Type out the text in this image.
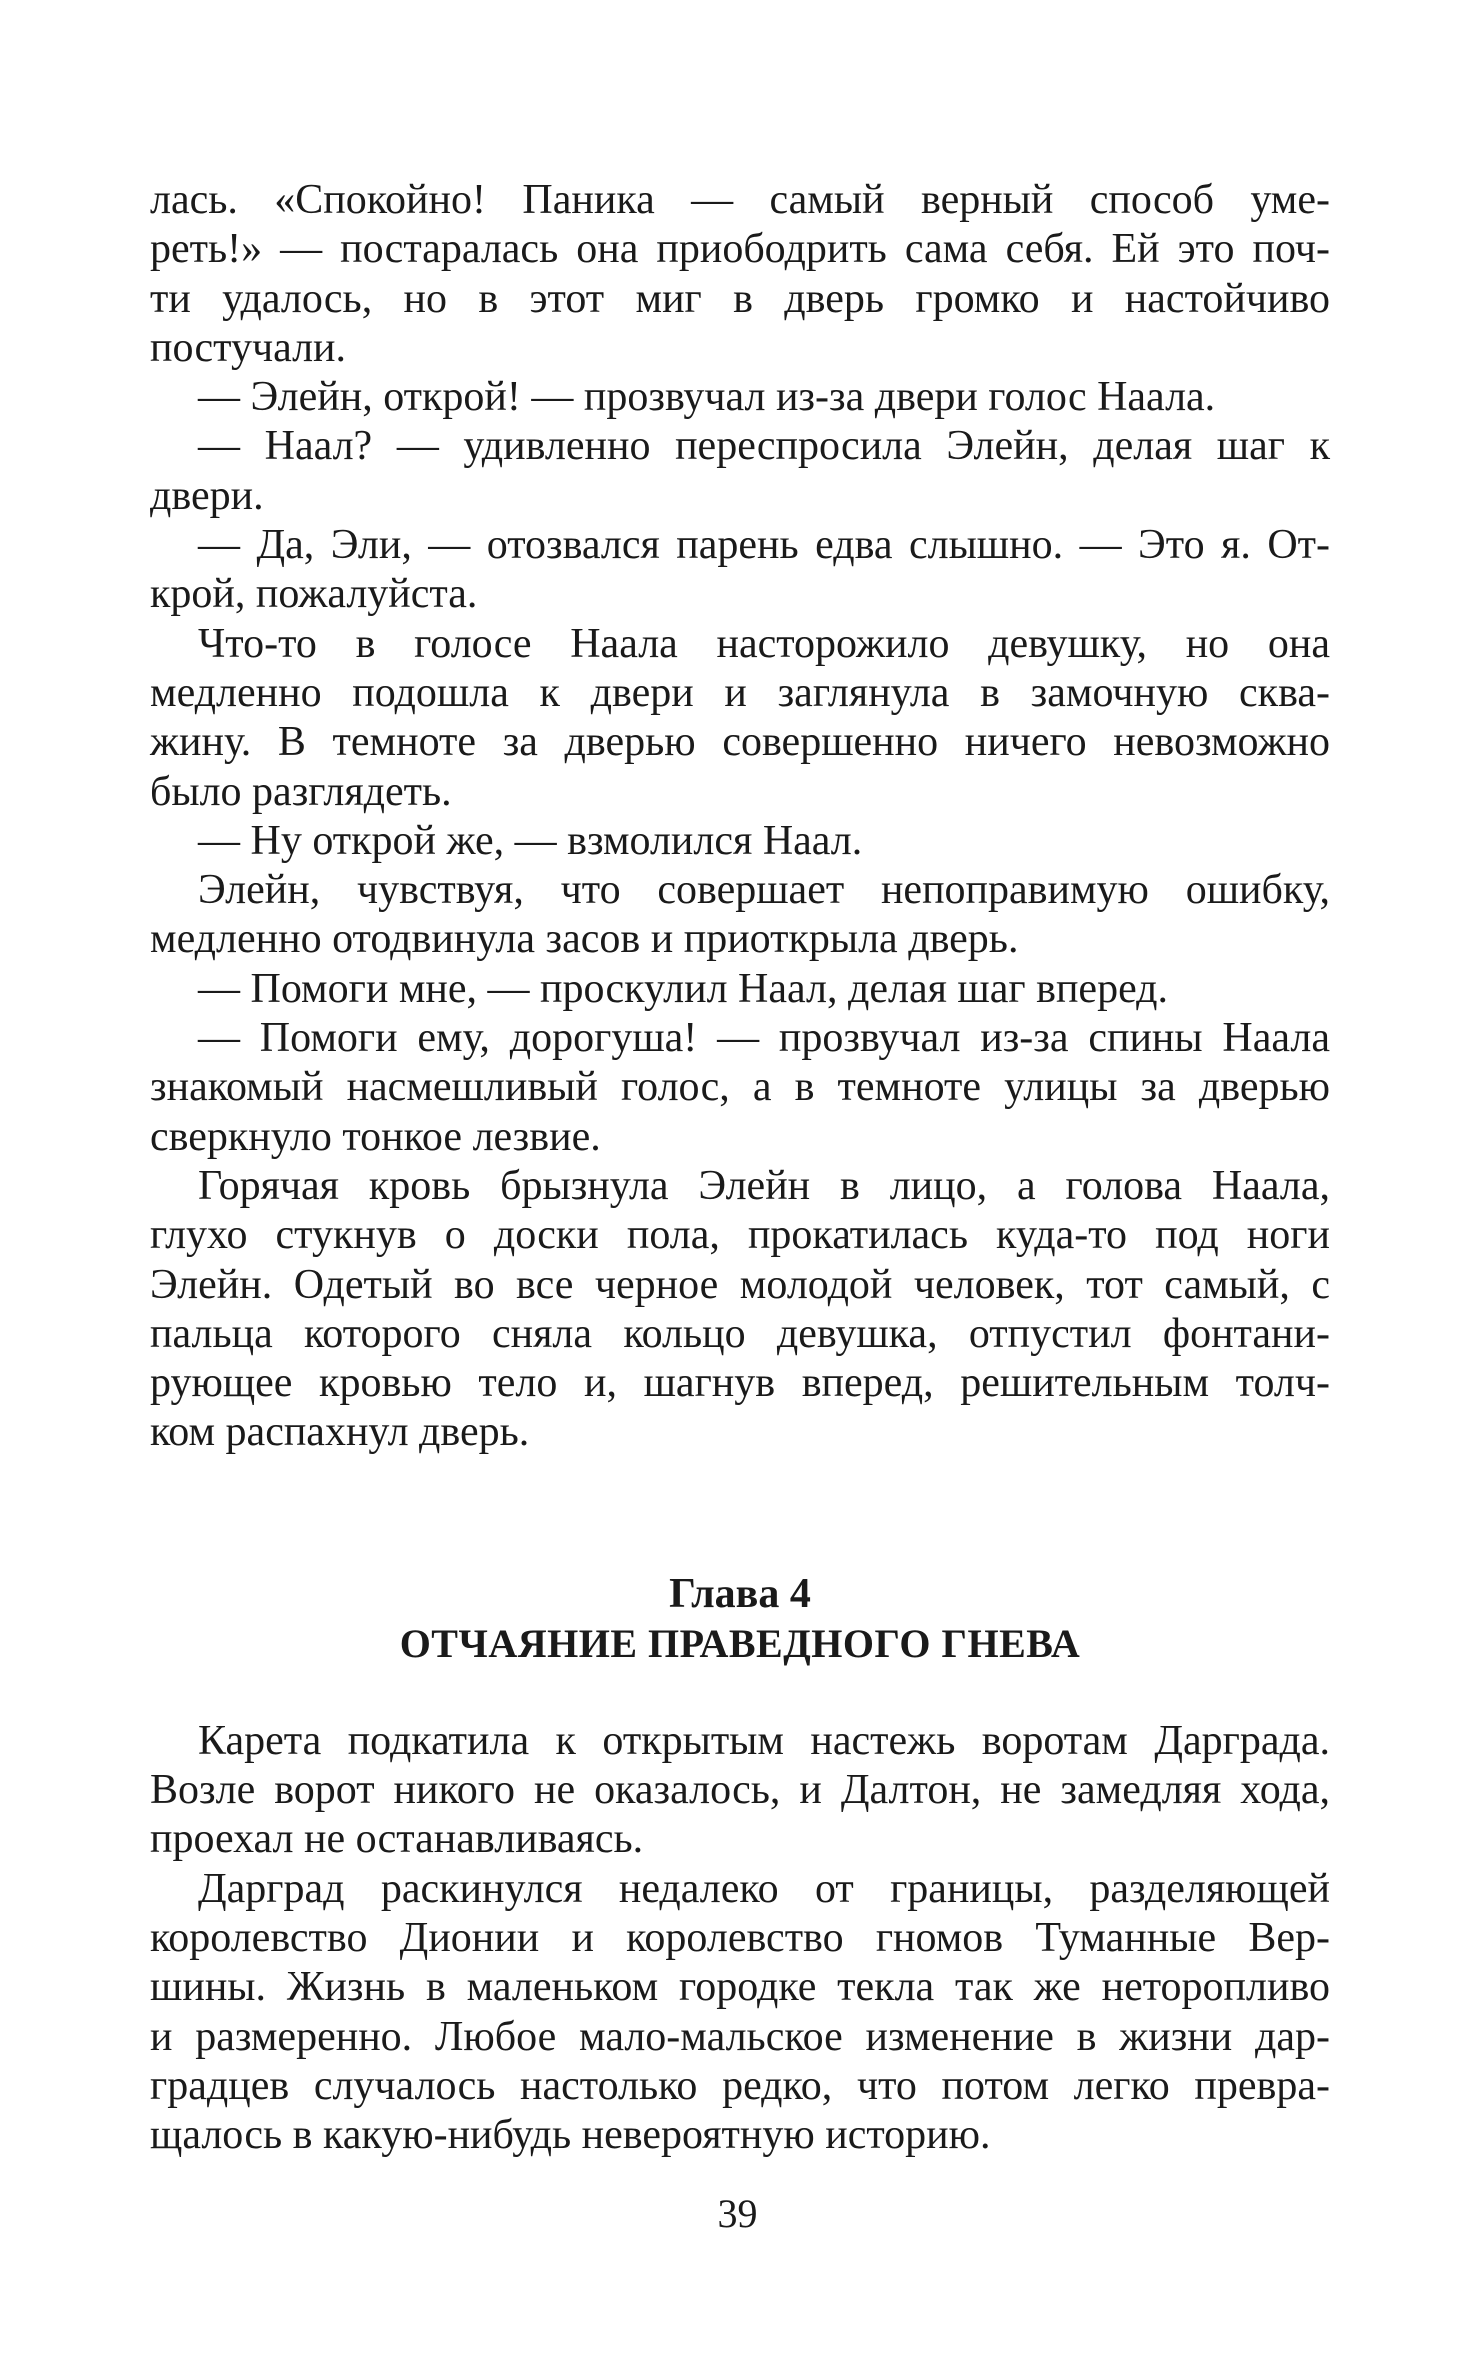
лась. «Спокойно! Паника — самый верный способ уме-
реть!» — постаралась она приободрить сама себя. Ей это поч-
ти удалось, но в этот миг в дверь громко и настойчиво
постучали.
— Элейн, открой! — прозвучал из-за двери голос Наала.
— Наал? — удивленно переспросила Элейн, делая шаг к
двери.
— Да, Эли, — отозвался парень едва слышно. — Это я. От-
крой, пожалуйста.
Что-то в голосе Наала насторожило девушку, но она
медленно подошла к двери и заглянула в замочную сква-
жину. В темноте за дверью совершенно ничего невозможно
было разглядеть.
— Ну открой же, — взмолился Наал.
Элейн, чувствуя, что совершает непоправимую ошибку,
медленно отодвинула засов и приоткрыла дверь.
— Помоги мне, — проскулил Наал, делая шаг вперед.
— Помоги ему, дорогуша! — прозвучал из-за спины Наала
знакомый насмешливый голос, а в темноте улицы за дверью
сверкнуло тонкое лезвие.
Горячая кровь брызнула Элейн в лицо, а голова Наала,
глухо стукнув о доски пола, прокатилась куда-то под ноги
Элейн. Одетый во все черное молодой человек, тот самый, с
пальца которого сняла кольцо девушка, отпустил фонтани-
рующее кровью тело и, шагнув вперед, решительным толч-
ком распахнул дверь.
Глава 4
ОТЧАЯНИЕ ПРАВЕДНОГО ГНЕВА
Карета подкатила к открытым настежь воротам Дарграда.
Возле ворот никого не оказалось, и Далтон, не замедляя хода,
проехал не останавливаясь.
Дарград раскинулся недалеко от границы, разделяющей
королевство Дионии и королевство гномов Туманные Вер-
шины. Жизнь в маленьком городке текла так же неторопливо
и размеренно. Любое мало-мальское изменение в жизни дар-
градцев случалось настолько редко, что потом легко превра-
щалось в какую-нибудь невероятную историю.
39
